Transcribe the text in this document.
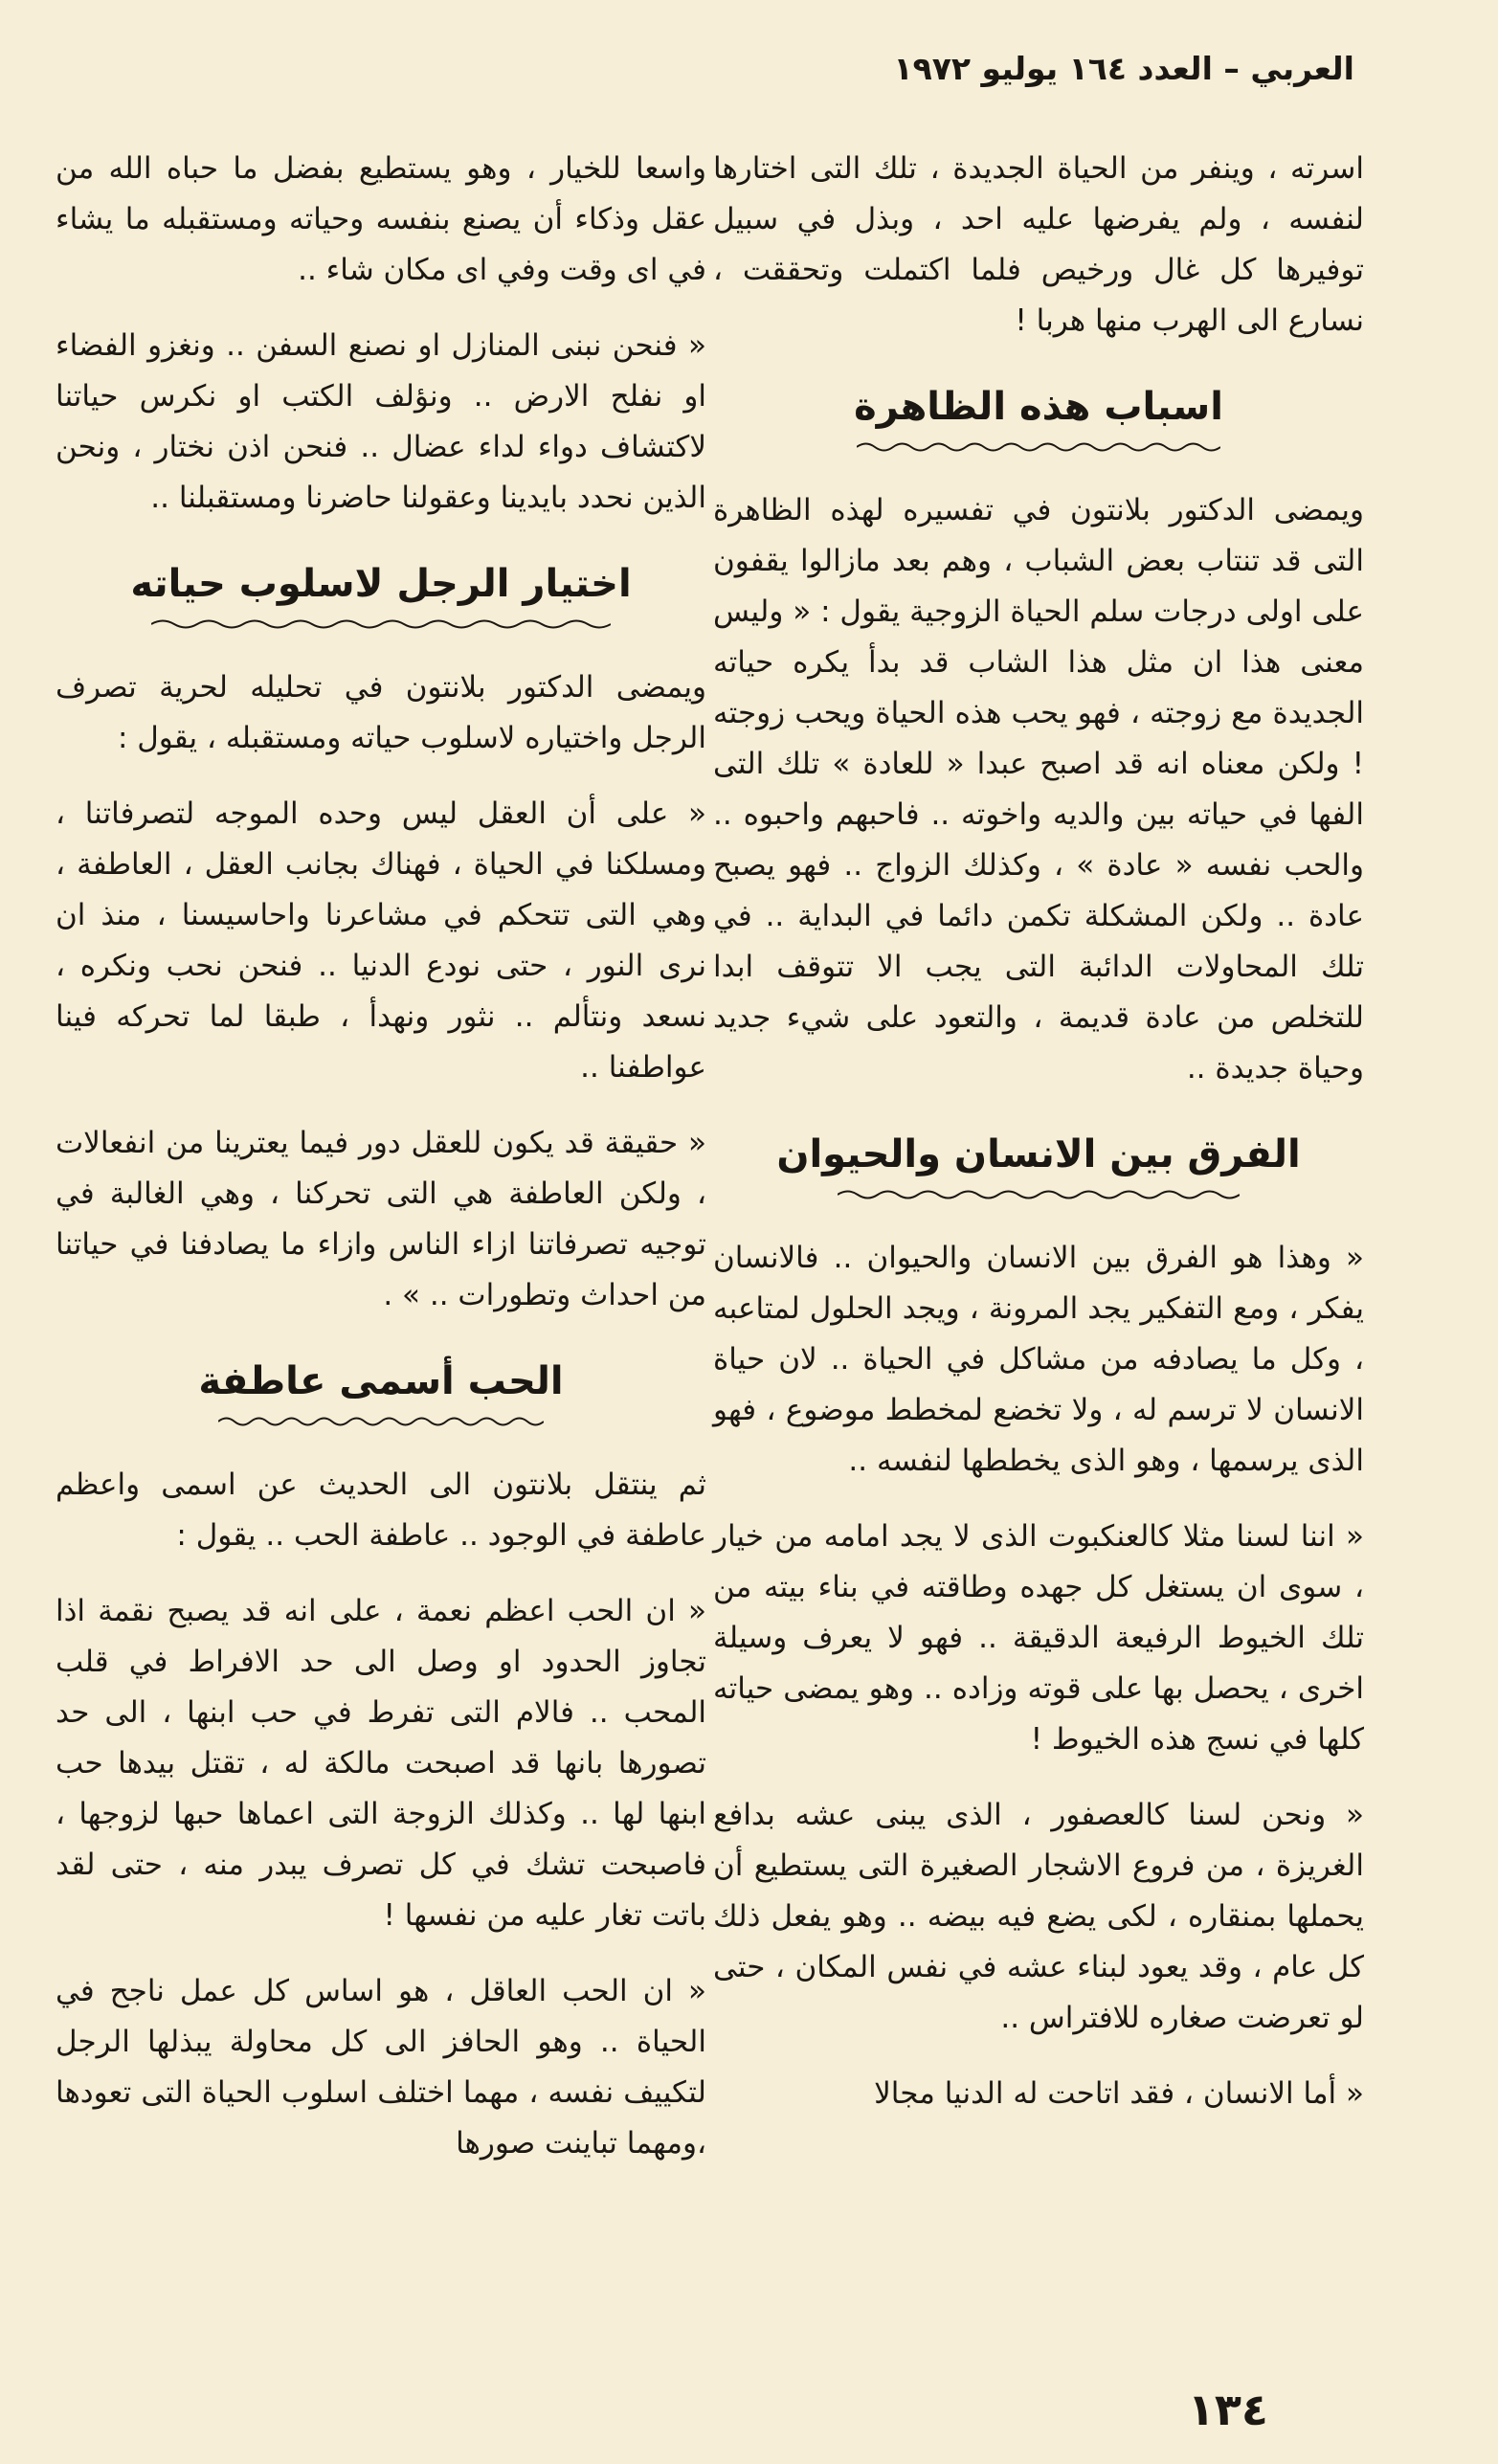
العربي – العدد ١٦٤ يوليو ١٩٧٢

اسرته ، وينفر من الحياة الجديدة ، تلك التى اختارها لنفسه ، ولم يفرضها عليه احد ، وبذل في سبيل توفيرها كل غال ورخيص فلما اكتملت وتحققت ، نسارع الى الهرب منها هربا !

اسباب هذه الظاهرة

ويمضى الدكتور بلانتون في تفسيره لهذه الظاهرة التى قد تنتاب بعض الشباب ، وهم بعد مازالوا يقفون على اولى درجات سلم الحياة الزوجية يقول : « وليس معنى هذا ان مثل هذا الشاب قد بدأ يكره حياته الجديدة مع زوجته ، فهو يحب هذه الحياة ويحب زوجته ! ولكن معناه انه قد اصبح عبدا « للعادة » تلك التى الفها في حياته بين والديه واخوته .. فاحبهم واحبوه .. والحب نفسه « عادة » ، وكذلك الزواج .. فهو يصبح عادة .. ولكن المشكلة تكمن دائما في البداية .. في تلك المحاولات الدائبة التى يجب الا تتوقف ابدا للتخلص من عادة قديمة ، والتعود على شيء جديد وحياة جديدة ..

الفرق بين الانسان والحيوان

« وهذا هو الفرق بين الانسان والحيوان .. فالانسان يفكر ، ومع التفكير يجد المرونة ، ويجد الحلول لمتاعبه ، وكل ما يصادفه من مشاكل في الحياة .. لان حياة الانسان لا ترسم له ، ولا تخضع لمخطط موضوع ، فهو الذى يرسمها ، وهو الذى يخططها لنفسه ..

« اننا لسنا مثلا كالعنكبوت الذى لا يجد امامه من خيار ، سوى ان يستغل كل جهده وطاقته في بناء بيته من تلك الخيوط الرفيعة الدقيقة .. فهو لا يعرف وسيلة اخرى ، يحصل بها على قوته وزاده .. وهو يمضى حياته كلها في نسج هذه الخيوط !

« ونحن لسنا كالعصفور ، الذى يبنى عشه بدافع الغريزة ، من فروع الاشجار الصغيرة التى يستطيع أن يحملها بمنقاره ، لكى يضع فيه بيضه .. وهو يفعل ذلك كل عام ، وقد يعود لبناء عشه في نفس المكان ، حتى لو تعرضت صغاره للافتراس ..

« أما الانسان ، فقد اتاحت له الدنيا مجالا

واسعا للخيار ، وهو يستطيع بفضل ما حباه الله من عقل وذكاء أن يصنع بنفسه وحياته ومستقبله ما يشاء في اى وقت وفي اى مكان شاء ..

« فنحن نبنى المنازل او نصنع السفن .. ونغزو الفضاء او نفلح الارض .. ونؤلف الكتب او نكرس حياتنا لاكتشاف دواء لداء عضال .. فنحن اذن نختار ، ونحن الذين نحدد بايدينا وعقولنا حاضرنا ومستقبلنا ..

اختيار الرجل لاسلوب حياته

ويمضى الدكتور بلانتون في تحليله لحرية تصرف الرجل واختياره لاسلوب حياته ومستقبله ، يقول :

« على أن العقل ليس وحده الموجه لتصرفاتنا ، ومسلكنا في الحياة ، فهناك بجانب العقل ، العاطفة ، وهي التى تتحكم في مشاعرنا واحاسيسنا ، منذ ان نرى النور ، حتى نودع الدنيا .. فنحن نحب ونكره ، نسعد ونتألم .. نثور ونهدأ ، طبقا لما تحركه فينا عواطفنا ..

« حقيقة قد يكون للعقل دور فيما يعترينا من انفعالات ، ولكن العاطفة هي التى تحركنا ، وهي الغالبة في توجيه تصرفاتنا ازاء الناس وازاء ما يصادفنا في حياتنا من احداث وتطورات .. » .

الحب أسمى عاطفة

ثم ينتقل بلانتون الى الحديث عن اسمى واعظم عاطفة في الوجود .. عاطفة الحب .. يقول :

« ان الحب اعظم نعمة ، على انه قد يصبح نقمة اذا تجاوز الحدود او وصل الى حد الافراط في قلب المحب .. فالام التى تفرط في حب ابنها ، الى حد تصورها بانها قد اصبحت مالكة له ، تقتل بيدها حب ابنها لها .. وكذلك الزوجة التى اعماها حبها لزوجها ، فاصبحت تشك في كل تصرف يبدر منه ، حتى لقد باتت تغار عليه من نفسها !

« ان الحب العاقل ، هو اساس كل عمل ناجح في الحياة .. وهو الحافز الى كل محاولة يبذلها الرجل لتكييف نفسه ، مهما اختلف اسلوب الحياة التى تعودها ،ومهما تباينت صورها

١٣٤
